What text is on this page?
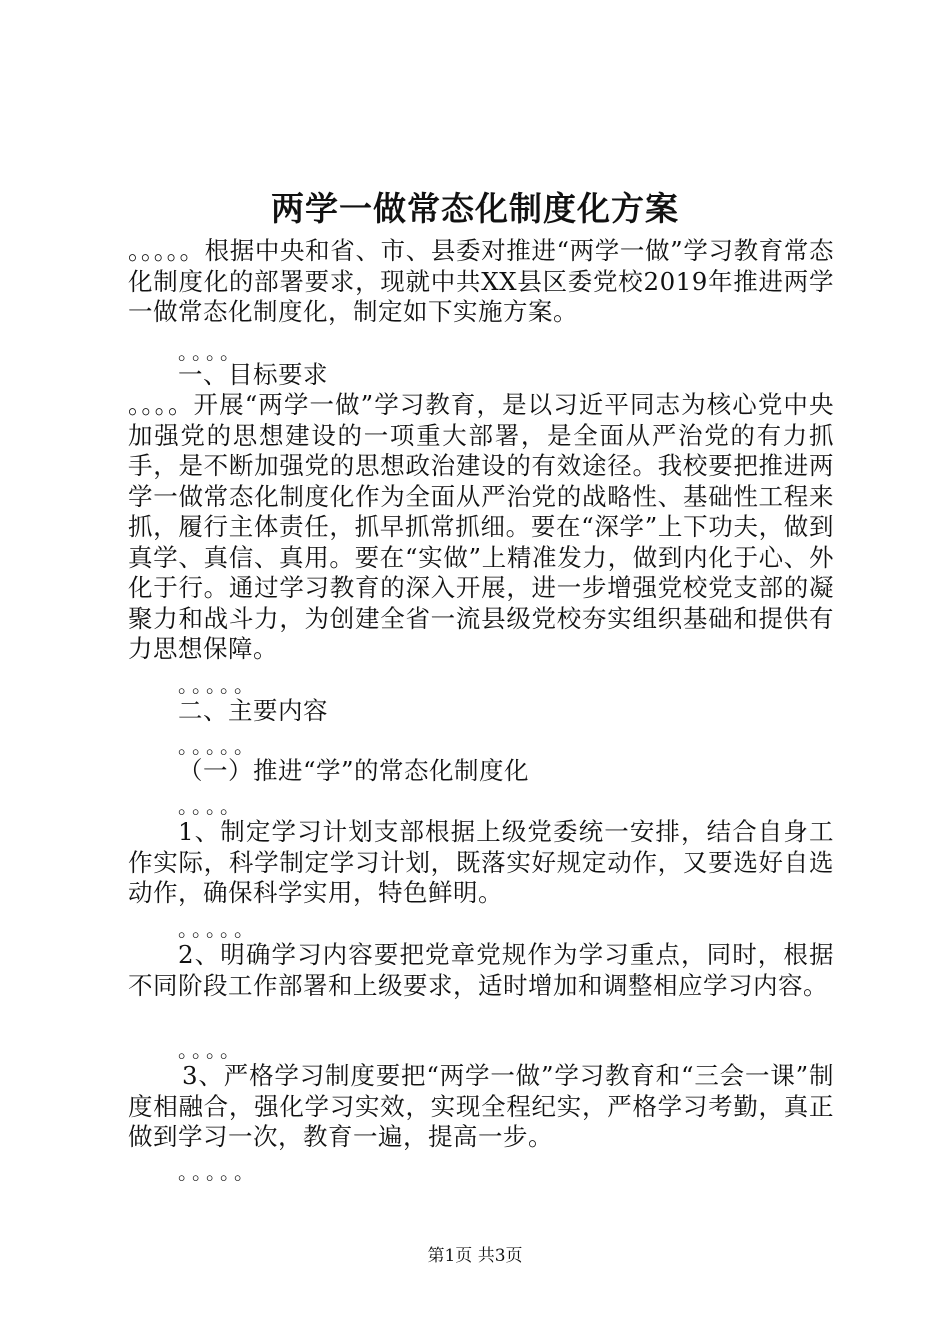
两学一做常态化制度化方案

。。。。。根据中央和省、市、县委对推进“两学一做”学习教育常态化制度化的部署要求，现就中共XX县区委党校2019年推进两学一做常态化制度化，制定如下实施方案。

。。。。

一、目标要求

。。。。开展“两学一做”学习教育，是以习近平同志为核心党中央加强党的思想建设的一项重大部署，是全面从严治党的有力抓手，是不断加强党的思想政治建设的有效途径。我校要把推进两学一做常态化制度化作为全面从严治党的战略性、基础性工程来抓，履行主体责任，抓早抓常抓细。要在“深学”上下功夫，做到真学、真信、真用。要在“实做”上精准发力，做到内化于心、外化于行。通过学习教育的深入开展，进一步增强党校党支部的凝聚力和战斗力，为创建全省一流县级党校夯实组织基础和提供有力思想保障。

。。。。。

二、主要内容

。。。。。

（一）推进“学”的常态化制度化

。。。。

1、制定学习计划支部根据上级党委统一安排，结合自身工作实际，科学制定学习计划，既落实好规定动作，又要选好自选动作，确保科学实用，特色鲜明。

。。。。。

2、明确学习内容要把党章党规作为学习重点，同时，根据不同阶段工作部署和上级要求，适时增加和调整相应学习内容。

。。。。

3、严格学习制度要把“两学一做”学习教育和“三会一课”制度相融合，强化学习实效，实现全程纪实，严格学习考勤，真正做到学习一次，教育一遍，提高一步。

。。。。。

第1页 共3页
